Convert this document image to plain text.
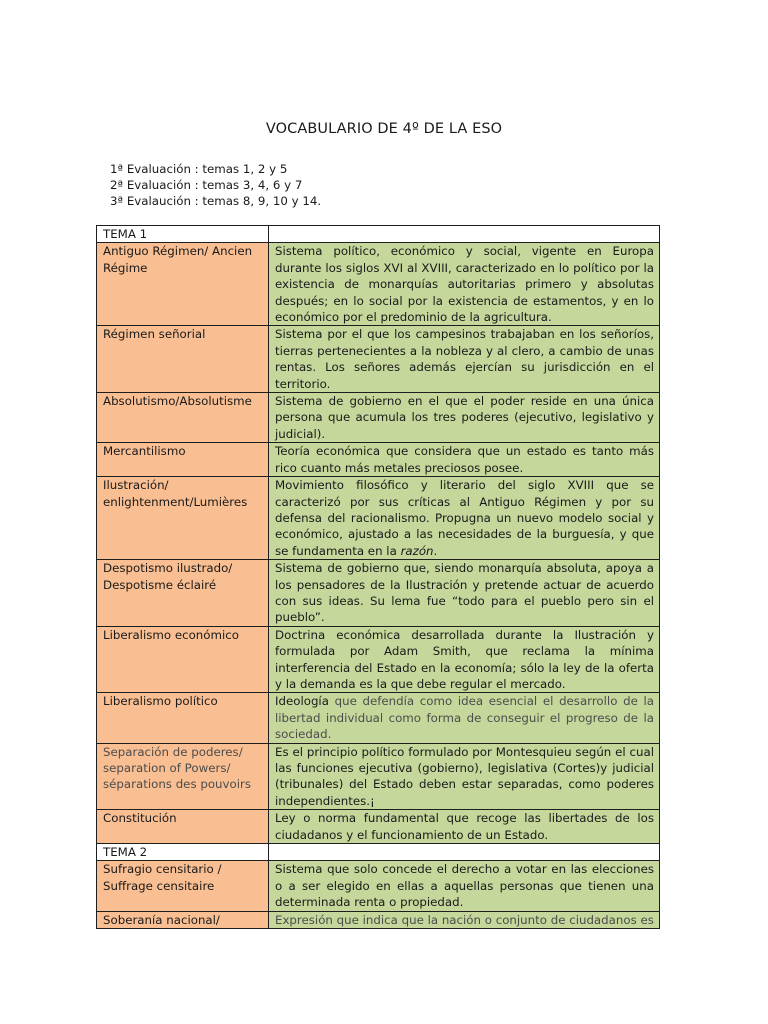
VOCABULARIO DE 4º DE LA ESO
1ª Evaluación : temas 1, 2 y 5
2ª Evaluación : temas 3, 4, 6 y 7
3ª Evalaución : temas 8, 9, 10 y 14.
TEMA 1	
Antiguo Régimen/ Ancien Régime	Sistema político, económico y social, vigente en Europa durante los siglos XVI al XVIII, caracterizado en lo político por la existencia de monarquías autoritarias primero y absolutas después; en lo social por la existencia de estamentos, y en lo económico por el predominio de la agricultura.
Régimen señorial	Sistema por el que los campesinos trabajaban en los señoríos, tierras pertenecientes a la nobleza y al clero, a cambio de unas rentas. Los señores además ejercían su jurisdicción en el territorio.
Absolutismo/Absolutisme	Sistema de gobierno en el que el poder reside en una única persona que acumula los tres poderes (ejecutivo, legislativo y judicial).
Mercantilismo	Teoría económica que considera que un estado es tanto más rico cuanto más metales preciosos posee.
Ilustración/ enlightenment/Lumières	Movimiento filosófico y literario del siglo XVIII que se caracterizó por sus críticas al Antiguo Régimen y por su defensa del racionalismo. Propugna un nuevo modelo social y económico, ajustado a las necesidades de la burguesía, y que se fundamenta en la razón.
Despotismo ilustrado/ Despotisme éclairé	Sistema de gobierno que, siendo monarquía absoluta, apoya a los pensadores de la Ilustración y pretende actuar de acuerdo con sus ideas. Su lema fue “todo para el pueblo pero sin el pueblo”.
Liberalismo económico	Doctrina económica desarrollada durante la Ilustración y formulada por Adam Smith, que reclama la mínima interferencia del Estado en la economía; sólo la ley de la oferta y la demanda es la que debe regular el mercado.
Liberalismo político	Ideología que defendía como idea esencial el desarrollo de la libertad individual como forma de conseguir el progreso de la sociedad.
Separación de poderes/ separation of Powers/ séparations des pouvoirs	Es el principio político formulado por Montesquieu según el cual las funciones ejecutiva (gobierno), legislativa (Cortes)y judicial (tribunales) del Estado deben estar separadas, como poderes independientes.¡
Constitución	Ley o norma fundamental que recoge las libertades de los ciudadanos y el funcionamiento de un Estado.
TEMA 2	
Sufragio censitario / Suffrage censitaire	Sistema que solo concede el derecho a votar en las elecciones o a ser elegido en ellas a aquellas personas que tienen una determinada renta o propiedad.
Soberanía nacional/	Expresión que indica que la nación o conjunto de ciudadanos es
